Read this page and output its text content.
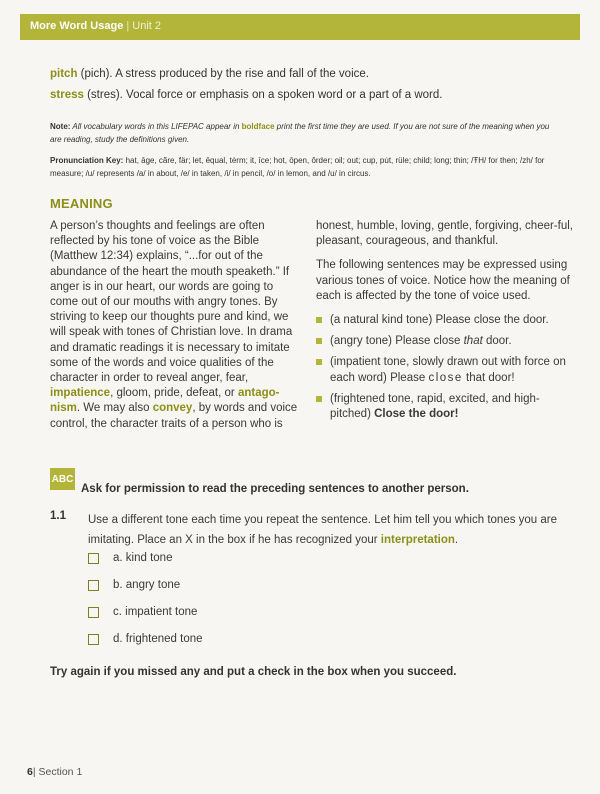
More Word Usage | Unit 2
pitch (pich). A stress produced by the rise and fall of the voice.
stress (stres). Vocal force or emphasis on a spoken word or a part of a word.
Note: All vocabulary words in this LIFEPAC appear in boldface print the first time they are used. If you are not sure of the meaning when you are reading, study the definitions given.
Pronunciation Key: hat, āge, cãre, fär; let, ēqual, tėrm; it, īce; hot, ōpen, ôrder; oil; out; cup, pu̇t, rüle; child; long; thin; /ŦH/ for then; /zh/ for measure; /u/ represents /a/ in about, /e/ in taken, /i/ in pencil, /o/ in lemon, and /u/ in circus.
MEANING
A person’s thoughts and feelings are often reflected by his tone of voice as the Bible (Matthew 12:34) explains, “...for out of the abundance of the heart the mouth speaketh.” If anger is in our heart, our words are going to come out of our mouths with angry tones. By striving to keep our thoughts pure and kind, we will speak with tones of Christian love. In drama and dramatic readings it is necessary to imitate some of the words and voice qualities of the character in order to reveal anger, fear, impatience, gloom, pride, defeat, or antago-nism. We may also convey, by words and voice control, the character traits of a person who is

honest, humble, loving, gentle, forgiving, cheer-ful, pleasant, courageous, and thankful.

The following sentences may be expressed using various tones of voice. Notice how the meaning of each is affected by the tone of voice used.

(a natural kind tone) Please close the door.
(angry tone) Please close that door.
(impatient tone, slowly drawn out with force on each word) Please close that door!
(frightened tone, rapid, excited, and high-pitched) Close the door!
ABC
Ask for permission to read the preceding sentences to another person.
1.1 Use a different tone each time you repeat the sentence. Let him tell you which tones you are imitating. Place an X in the box if he has recognized your interpretation.
a. kind tone
b. angry tone
c. impatient tone
d. frightened tone
Try again if you missed any and put a check in the box when you succeed.
6| Section 1
